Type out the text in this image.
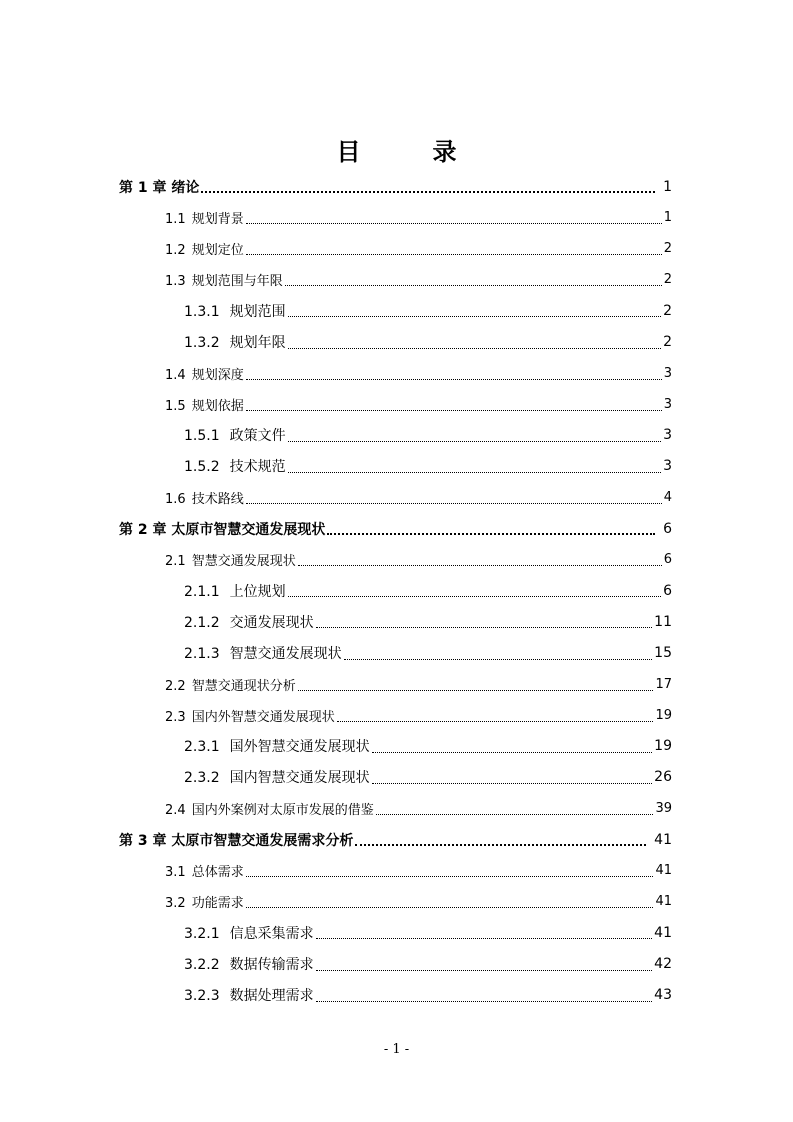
目　录
第 1 章 绪论	1
1.1 规划背景	1
1.2 规划定位	2
1.3 规划范围与年限	2
1.3.1 规划范围	2
1.3.2 规划年限	2
1.4 规划深度	3
1.5 规划依据	3
1.5.1 政策文件	3
1.5.2 技术规范	3
1.6 技术路线	4
第 2 章 太原市智慧交通发展现状	6
2.1 智慧交通发展现状	6
2.1.1 上位规划	6
2.1.2 交通发展现状	11
2.1.3 智慧交通发展现状	15
2.2 智慧交通现状分析	17
2.3 国内外智慧交通发展现状	19
2.3.1 国外智慧交通发展现状	19
2.3.2 国内智慧交通发展现状	26
2.4 国内外案例对太原市发展的借鉴	39
第 3 章 太原市智慧交通发展需求分析	41
3.1 总体需求	41
3.2 功能需求	41
3.2.1 信息采集需求	41
3.2.2 数据传输需求	42
3.2.3 数据处理需求	43
- 1 -
